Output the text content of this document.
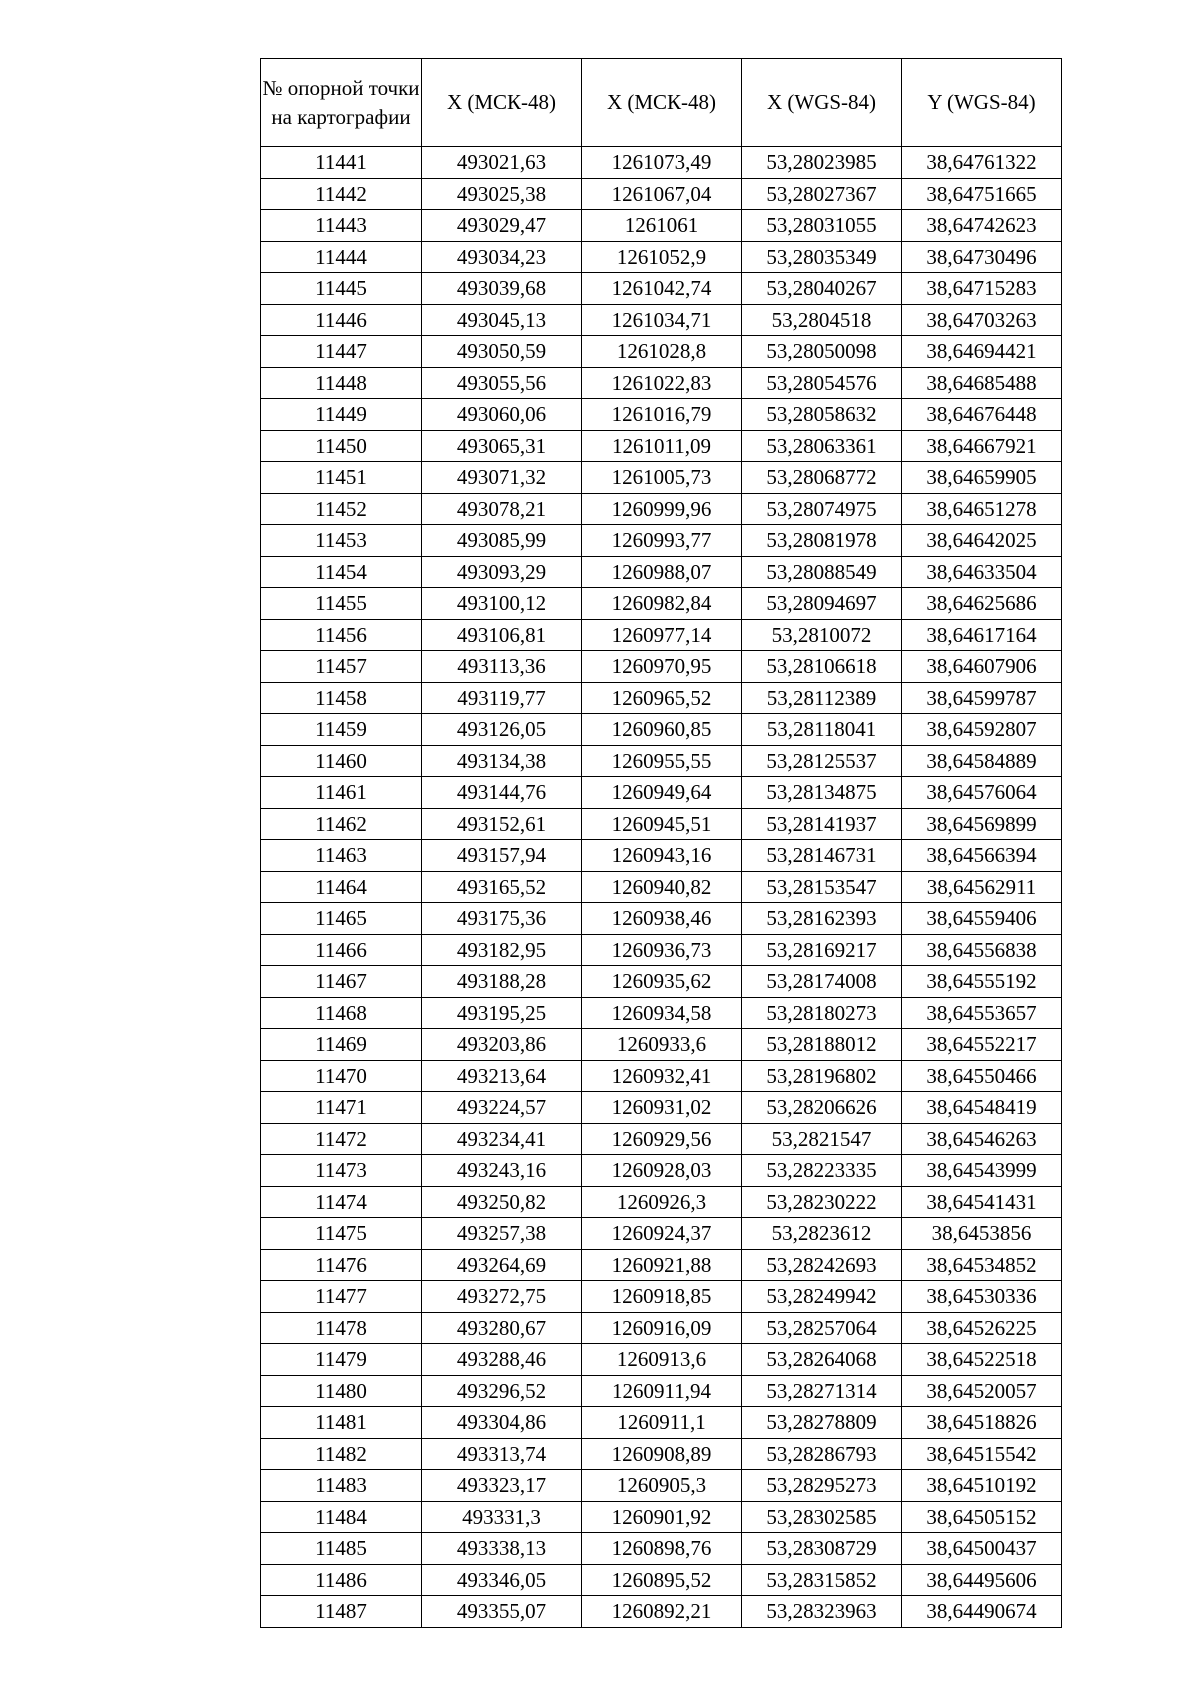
№ опорной точки на картографии	X (МСК-48)	X (МСК-48)	X (WGS-84)	Y (WGS-84)
11441	493021,63	1261073,49	53,28023985	38,64761322
11442	493025,38	1261067,04	53,28027367	38,64751665
11443	493029,47	1261061	53,28031055	38,64742623
11444	493034,23	1261052,9	53,28035349	38,64730496
11445	493039,68	1261042,74	53,28040267	38,64715283
11446	493045,13	1261034,71	53,2804518	38,64703263
11447	493050,59	1261028,8	53,28050098	38,64694421
11448	493055,56	1261022,83	53,28054576	38,64685488
11449	493060,06	1261016,79	53,28058632	38,64676448
11450	493065,31	1261011,09	53,28063361	38,64667921
11451	493071,32	1261005,73	53,28068772	38,64659905
11452	493078,21	1260999,96	53,28074975	38,64651278
11453	493085,99	1260993,77	53,28081978	38,64642025
11454	493093,29	1260988,07	53,28088549	38,64633504
11455	493100,12	1260982,84	53,28094697	38,64625686
11456	493106,81	1260977,14	53,2810072	38,64617164
11457	493113,36	1260970,95	53,28106618	38,64607906
11458	493119,77	1260965,52	53,28112389	38,64599787
11459	493126,05	1260960,85	53,28118041	38,64592807
11460	493134,38	1260955,55	53,28125537	38,64584889
11461	493144,76	1260949,64	53,28134875	38,64576064
11462	493152,61	1260945,51	53,28141937	38,64569899
11463	493157,94	1260943,16	53,28146731	38,64566394
11464	493165,52	1260940,82	53,28153547	38,64562911
11465	493175,36	1260938,46	53,28162393	38,64559406
11466	493182,95	1260936,73	53,28169217	38,64556838
11467	493188,28	1260935,62	53,28174008	38,64555192
11468	493195,25	1260934,58	53,28180273	38,64553657
11469	493203,86	1260933,6	53,28188012	38,64552217
11470	493213,64	1260932,41	53,28196802	38,64550466
11471	493224,57	1260931,02	53,28206626	38,64548419
11472	493234,41	1260929,56	53,2821547	38,64546263
11473	493243,16	1260928,03	53,28223335	38,64543999
11474	493250,82	1260926,3	53,28230222	38,64541431
11475	493257,38	1260924,37	53,2823612	38,6453856
11476	493264,69	1260921,88	53,28242693	38,64534852
11477	493272,75	1260918,85	53,28249942	38,64530336
11478	493280,67	1260916,09	53,28257064	38,64526225
11479	493288,46	1260913,6	53,28264068	38,64522518
11480	493296,52	1260911,94	53,28271314	38,64520057
11481	493304,86	1260911,1	53,28278809	38,64518826
11482	493313,74	1260908,89	53,28286793	38,64515542
11483	493323,17	1260905,3	53,28295273	38,64510192
11484	493331,3	1260901,92	53,28302585	38,64505152
11485	493338,13	1260898,76	53,28308729	38,64500437
11486	493346,05	1260895,52	53,28315852	38,64495606
11487	493355,07	1260892,21	53,28323963	38,64490674
